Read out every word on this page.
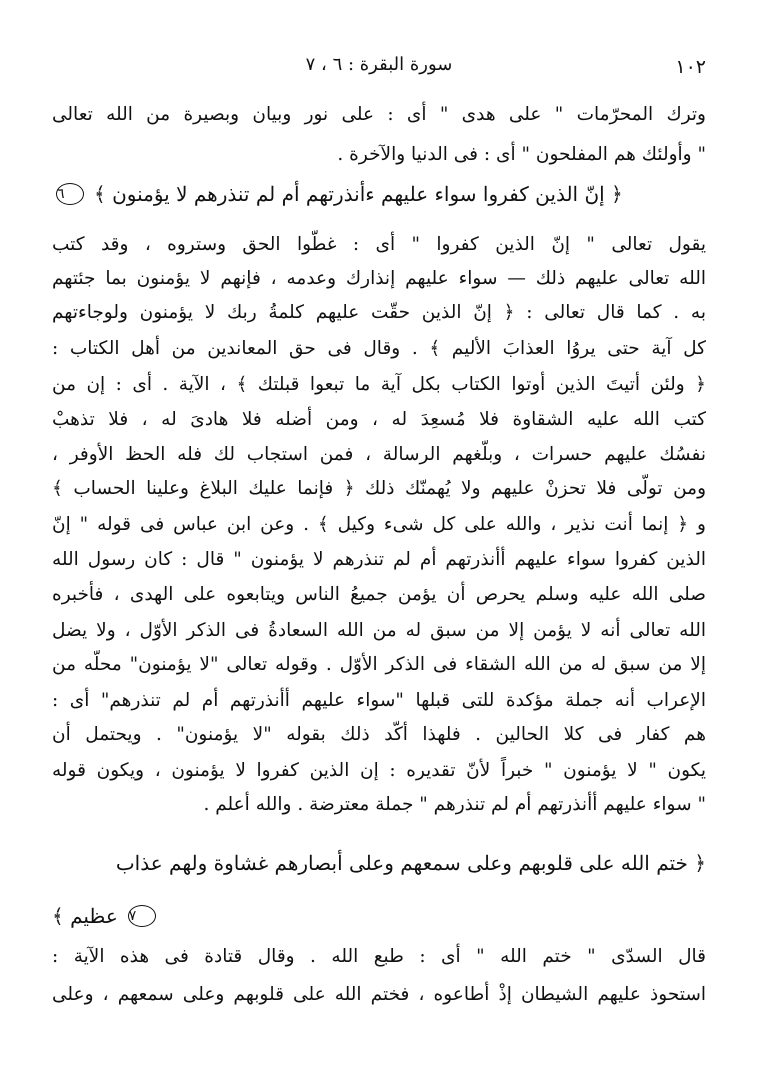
١٠٢
سورة البقرة : ٦ ، ٧
وترك المحرّمات " على هدى " أى : على نور وبيان وبصيرة من الله تعالى
" وأولئك هم المفلحون " أى : فى الدنيا والآخرة .
٦	﴿ إنّ الذين كفروا سواء عليهم ءأنذرتهم أم لم تنذرهم لا يؤمنون ﴾
يقول تعالى " إنّ الذين كفروا " أى : غطّوا الحق وستروه ، وقد كتب
الله تعالى عليهم ذلك — سواء عليهم إنذارك وعدمه ، فإنهم لا يؤمنون بما جئتهم
به . كما قال تعالى : ﴿ إنّ الذين حقّت عليهم كلمةُ ربك لا يؤمنون ولوجاءتهم
كل آية حتى يروُا العذابَ الأليم ﴾ . وقال فى حق المعاندين من أهل الكتاب :
﴿ ولئن أتيتَ الذين أوتوا الكتاب بكل آية ما تبعوا قبلتك ﴾ ، الآية . أى : إن من
كتب الله عليه الشقاوة فلا مُسعِدَ له ، ومن أضله فلا هادىَ له ، فلا تذهبْ
نفسُك عليهم حسرات ، وبلّغهم الرسالة ، فمن استجاب لك فله الحظ الأوفر ،
ومن تولّى فلا تحزنْ عليهم ولا يُهمنّك ذلك ﴿ فإنما عليك البلاغ وعلينا الحساب ﴾
و ﴿ إنما أنت نذير ، والله على كل شىء وكيل ﴾ . وعن ابن عباس فى قوله " إنّ
الذين كفروا سواء عليهم أأنذرتهم أم لم تنذرهم لا يؤمنون " قال : كان رسول الله
صلى الله عليه وسلم يحرص أن يؤمن جميعُ الناس ويتابعوه على الهدى ، فأخبره
الله تعالى أنه لا يؤمن إلا من سبق له من الله السعادةُ فى الذكر الأوّل ، ولا يضل
إلا من سبق له من الله الشقاء فى الذكر الأوّل . وقوله تعالى "لا يؤمنون" محلّه من
الإعراب أنه جملة مؤكدة للتى قبلها "سواء عليهم أأنذرتهم أم لم تنذرهم" أى :
هم كفار فى كلا الحالين . فلهذا أكّد ذلك بقوله "لا يؤمنون" . ويحتمل أن
يكون " لا يؤمنون " خبراً لأنّ تقديره : إن الذين كفروا لا يؤمنون ، ويكون قوله
" سواء عليهم أأنذرتهم أم لم تنذرهم " جملة معترضة . والله أعلم .
﴿ ختم الله على قلوبهم وعلى سمعهم وعلى أبصارهم غشاوة ولهم عذاب
عظيم ﴾ ٧
قال السدّى " ختم الله " أى : طبع الله . وقال قتادة فى هذه الآية :
استحوذ عليهم الشيطان إذْ أطاعوه ، فختم الله على قلوبهم وعلى سمعهم ، وعلى
